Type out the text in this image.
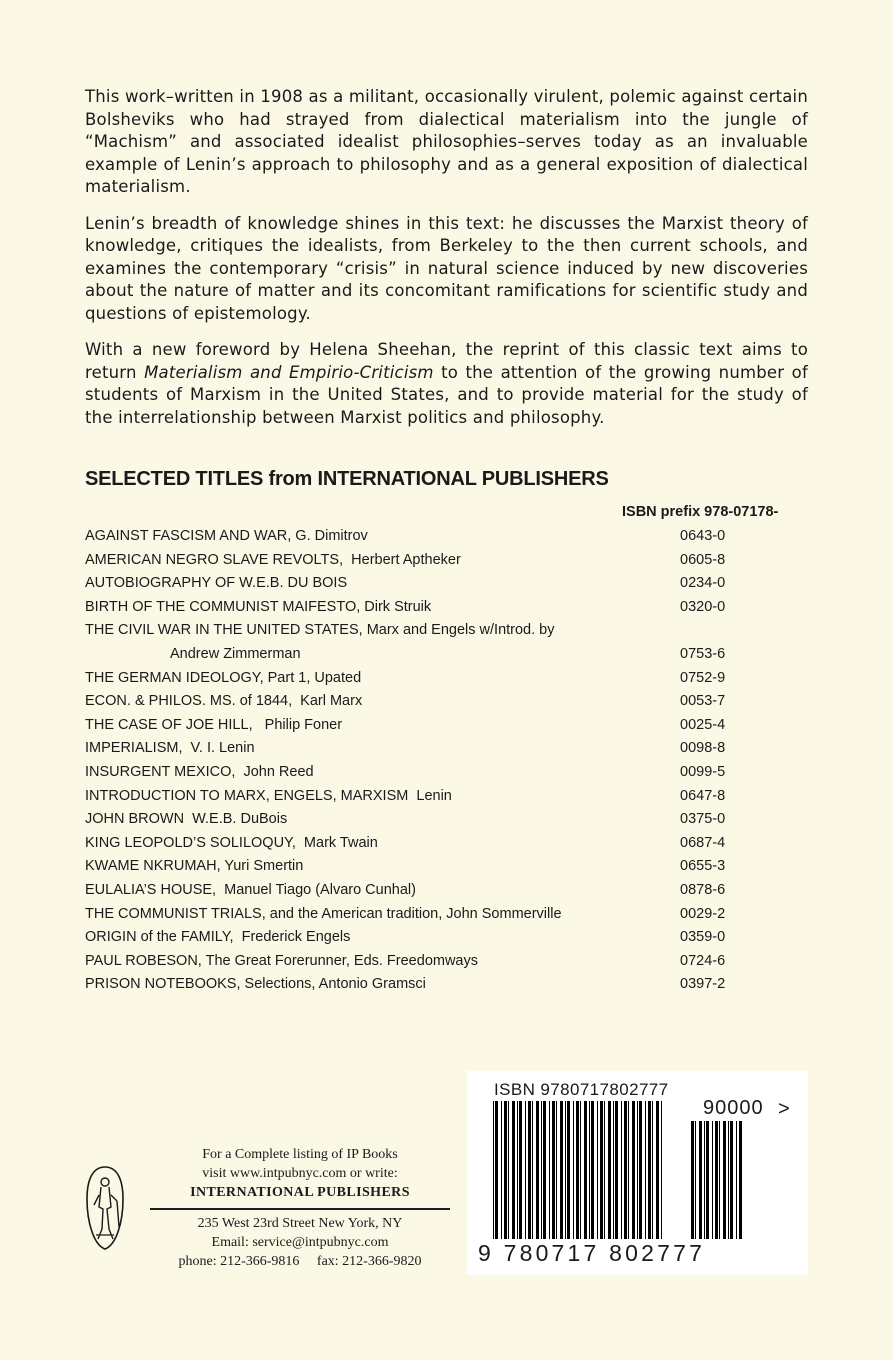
This work–written in 1908 as a militant, occasionally virulent, polemic against certain Bolsheviks who had strayed from dialectical materialism into the jungle of “Machism” and associated idealist philosophies–serves today as an invaluable example of Lenin’s approach to philosophy and as a general exposition of dialectical materialism.

Lenin’s breadth of knowledge shines in this text: he discusses the Marxist theory of knowledge, critiques the idealists, from Berkeley to the then current schools, and examines the contemporary “crisis” in natural science induced by new discoveries about the nature of matter and its concomitant ramifications for scientific study and questions of epistemology.

With a new foreword by Helena Sheehan, the reprint of this classic text aims to return Materialism and Empirio-Criticism to the attention of the growing number of students of Marxism in the United States, and to provide material for the study of the interrelationship between Marxist politics and philosophy.

SELECTED TITLES from INTERNATIONAL PUBLISHERS
ISBN prefix 978-07178-
AGAINST FASCISM AND WAR, G. Dimitrov	0643-0
AMERICAN NEGRO SLAVE REVOLTS,  Herbert Aptheker	0605-8
AUTOBIOGRAPHY OF W.E.B. DU BOIS	0234-0
BIRTH OF THE COMMUNIST MAIFESTO, Dirk Struik	0320-0
THE CIVIL WAR IN THE UNITED STATES, Marx and Engels w/Introd. by
Andrew Zimmerman	0753-6
THE GERMAN IDEOLOGY, Part 1, Upated	0752-9
ECON. & PHILOS. MS. of 1844,  Karl Marx	0053-7
THE CASE OF JOE HILL,   Philip Foner	0025-4
IMPERIALISM,  V. I. Lenin	0098-8
INSURGENT MEXICO,  John Reed	0099-5
INTRODUCTION TO MARX, ENGELS, MARXISM  Lenin	0647-8
JOHN BROWN  W.E.B. DuBois	0375-0
KING LEOPOLD’S SOLILOQUY,  Mark Twain	0687-4
KWAME NKRUMAH, Yuri Smertin	0655-3
EULALIA’S HOUSE,  Manuel Tiago (Alvaro Cunhal)	0878-6
THE COMMUNIST TRIALS, and the American tradition, John Sommerville	0029-2
ORIGIN of the FAMILY,  Frederick Engels	0359-0
PAUL ROBESON, The Great Forerunner, Eds. Freedomways	0724-6
PRISON NOTEBOOKS, Selections, Antonio Gramsci	0397-2
For a Complete listing of IP Books
visit www.intpubnyc.com or write:
INTERNATIONAL PUBLISHERS
235 West 23rd Street New York, NY
Email: service@intpubnyc.com
phone: 212-366-9816     fax: 212-366-9820
ISBN 9780717802777
90000 >
9 780717 802777
